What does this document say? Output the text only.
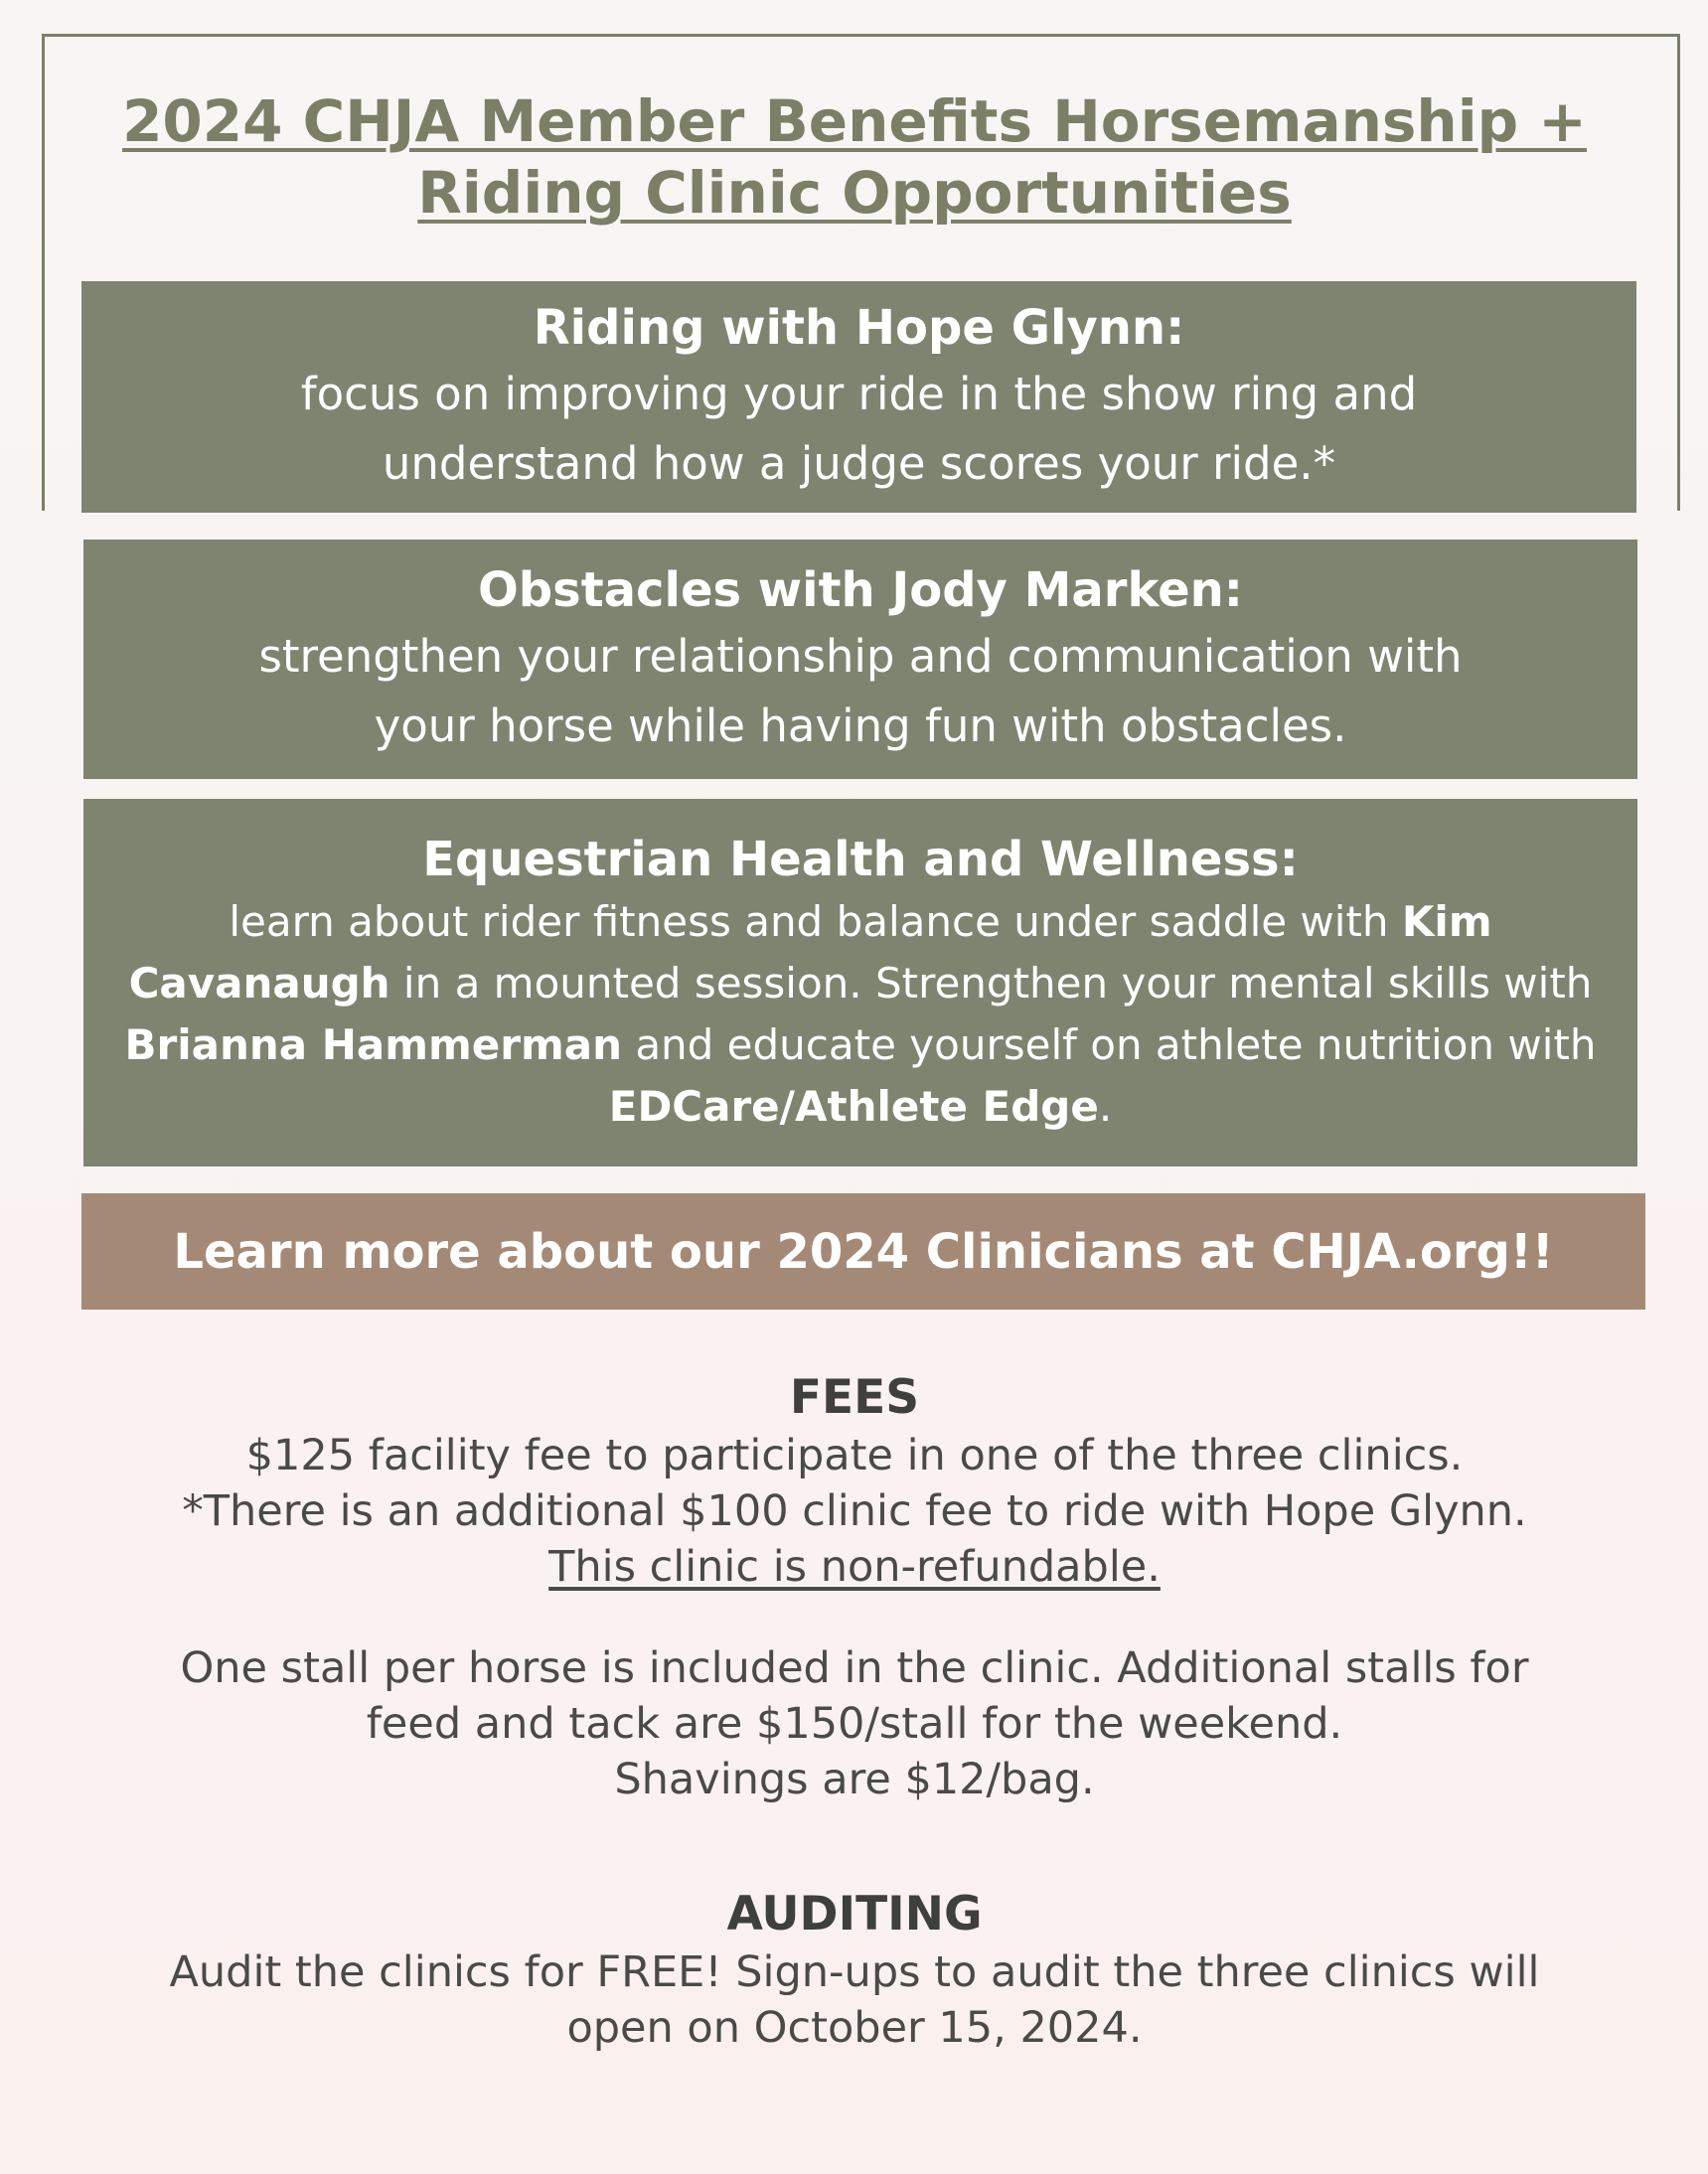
2024 CHJA Member Benefits Horsemanship +
Riding Clinic Opportunities
Riding with Hope Glynn:
focus on improving your ride in the show ring and
understand how a judge scores your ride.*
Obstacles with Jody Marken:
strengthen your relationship and communication with
your horse while having fun with obstacles.
Equestrian Health and Wellness:
learn about rider fitness and balance under saddle with Kim Cavanaugh in a mounted session. Strengthen your mental skills with Brianna Hammerman and educate yourself on athlete nutrition with EDCare/Athlete Edge.
Learn more about our 2024 Clinicians at CHJA.org!!
FEES
$125 facility fee to participate in one of the three clinics.
*There is an additional $100 clinic fee to ride with Hope Glynn.
This clinic is non-refundable.
One stall per horse is included in the clinic. Additional stalls for
feed and tack are $150/stall for the weekend.
Shavings are $12/bag.
AUDITING
Audit the clinics for FREE! Sign-ups to audit the three clinics will
open on October 15, 2024.
